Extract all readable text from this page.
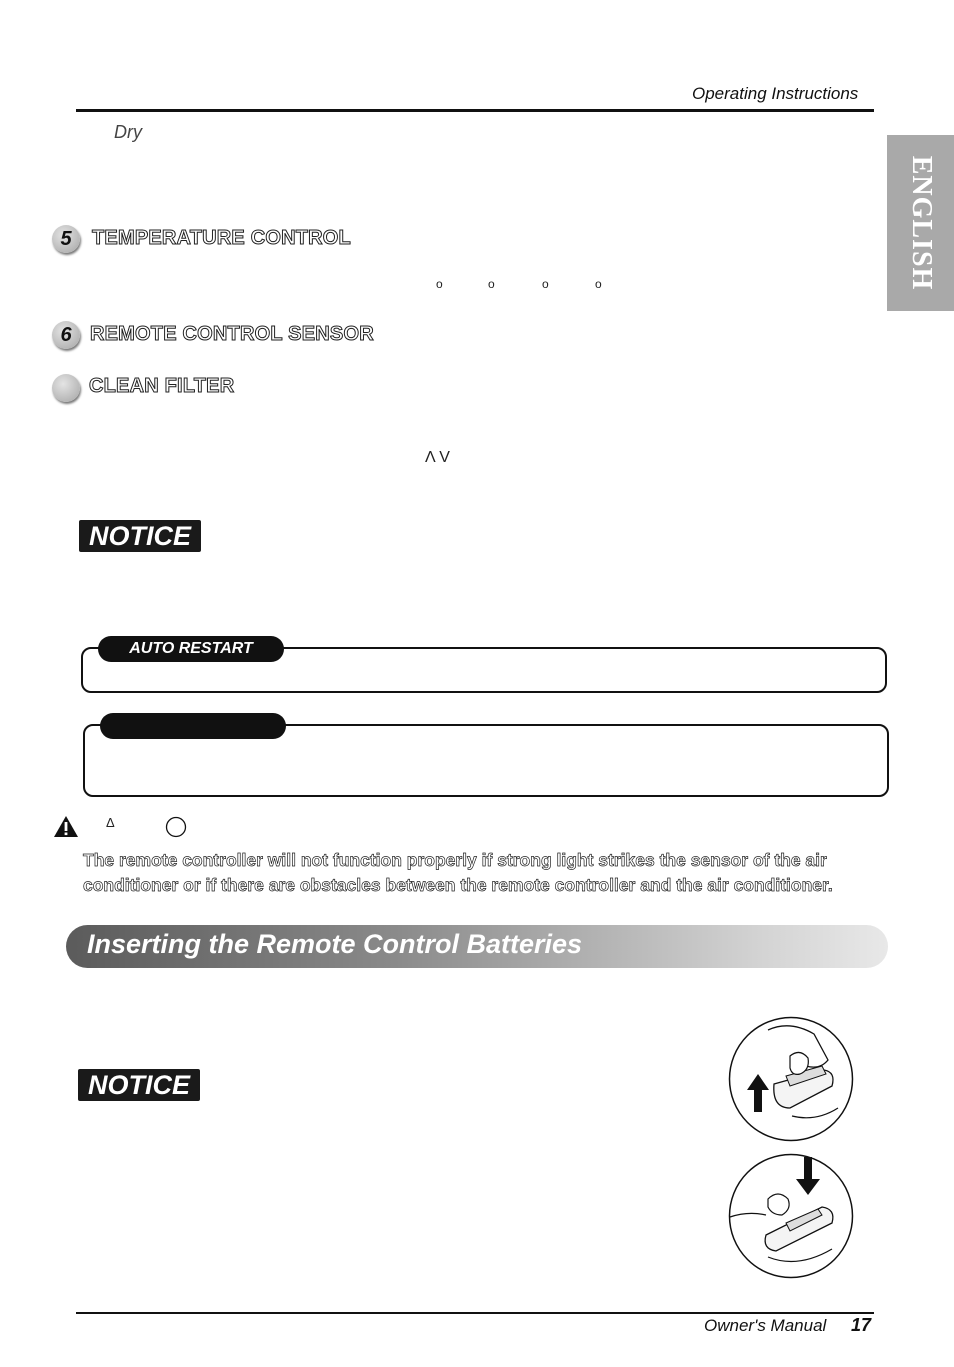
Operating Instructions
ENGLISH
Dry
5	TEMPERATURE CONTROL
o	o	o	o
6 REMOTE CONTROL SENSOR
CLEAN FILTER
Λ V
NOTICE
AUTO RESTART
Δ
The remote controller will not function properly if strong light strikes the sensor of the air conditioner or if there are obstacles between the remote controller and the air conditioner.
Inserting the Remote Control Batteries
NOTICE
Owner's Manual 17
